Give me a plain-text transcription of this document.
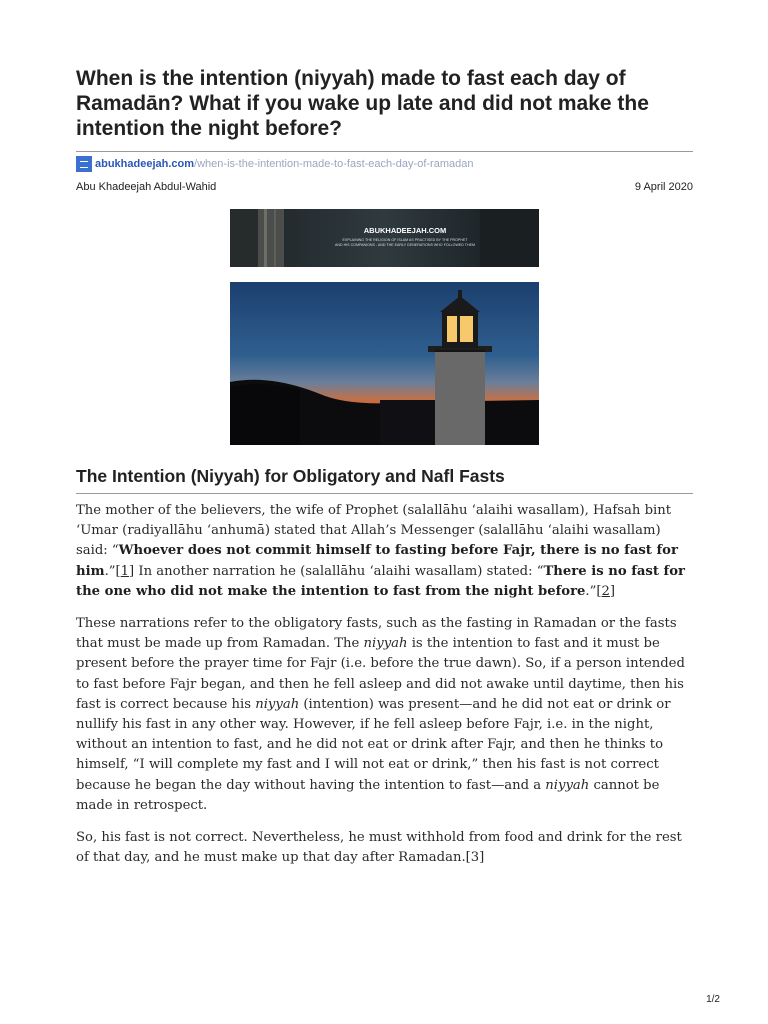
When is the intention (niyyah) made to fast each day of Ramadān? What if you wake up late and did not make the intention the night before?
abukhadeejah.com /when-is-the-intention-made-to-fast-each-day-of-ramadan
Abu Khadeejah Abdul-Wahid	9 April 2020
ABUKHADEEJAH.COM
EXPLAINING THE RELIGION OF ISLAM AS PRACTISED BY THE PROPHET
AND HIS COMPANIONS - AND THE EARLY GENERATIONS WHO FOLLOWED THEM
The Intention (Niyyah) for Obligatory and Nafl Fasts

The mother of the believers, the wife of Prophet (salallāhu ‘alaihi wasallam), Hafsah bint ‘Umar (radiyallāhu ‘anhumā) stated that Allah’s Messenger (salallāhu ‘alaihi wasallam) said: “Whoever does not commit himself to fasting before Fajr, there is no fast for him.”[1] In another narration he (salallāhu ‘alaihi wasallam) stated: “There is no fast for the one who did not make the intention to fast from the night before.”[2]

These narrations refer to the obligatory fasts, such as the fasting in Ramadan or the fasts that must be made up from Ramadan. The niyyah is the intention to fast and it must be present before the prayer time for Fajr (i.e. before the true dawn). So, if a person intended to fast before Fajr began, and then he fell asleep and did not awake until daytime, then his fast is correct because his niyyah (intention) was present—and he did not eat or drink or nullify his fast in any other way. However, if he fell asleep before Fajr, i.e. in the night, without an intention to fast, and he did not eat or drink after Fajr, and then he thinks to himself, “I will complete my fast and I will not eat or drink,” then his fast is not correct because he began the day without having the intention to fast—and a niyyah cannot be made in retrospect.

So, his fast is not correct. Nevertheless, he must withhold from food and drink for the rest of that day, and he must make up that day after Ramadan.[3]

1/2
